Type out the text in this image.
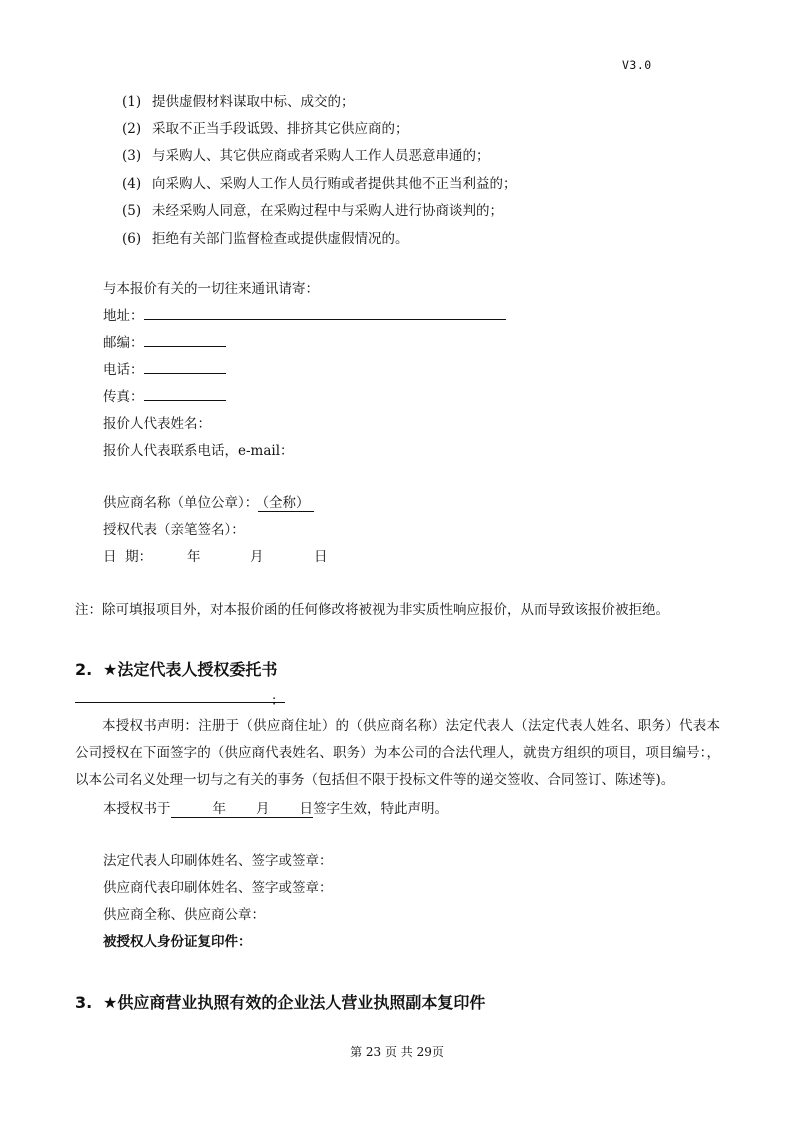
V3.0
(1) 提供虚假材料谋取中标、成交的；
(2) 采取不正当手段诋毁、排挤其它供应商的；
(3) 与采购人、其它供应商或者采购人工作人员恶意串通的；
(4) 向采购人、采购人工作人员行贿或者提供其他不正当利益的；
(5) 未经采购人同意，在采购过程中与采购人进行协商谈判的；
(6) 拒绝有关部门监督检查或提供虚假情况的。
与本报价有关的一切往来通讯请寄：
地址：
邮编：
电话：
传真：
报价人代表姓名：
报价人代表联系电话，e-mail：
供应商名称（单位公章）： （全称）
授权代表（亲笔签名）：
日  期：	年	月	日
注：除可填报项目外，对本报价函的任何修改将被视为非实质性响应报价，从而导致该报价被拒绝。
2. ★法定代表人授权委托书
：
本授权书声明：注册于（供应商住址）的（供应商名称）法定代表人（法定代表人姓名、职务）代表本公司授权在下面签字的（供应商代表姓名、职务）为本公司的合法代理人，就贵方组织的项目，项目编号：，以本公司名义处理一切与之有关的事务（包括但不限于投标文件等的递交签收、合同签订、陈述等)。
本授权书于	年 月 日签字生效，特此声明。
法定代表人印刷体姓名、签字或签章：
供应商代表印刷体姓名、签字或签章：
供应商全称、供应商公章：
被授权人身份证复印件：
3. ★供应商营业执照有效的企业法人营业执照副本复印件
第 23 页 共 29页
